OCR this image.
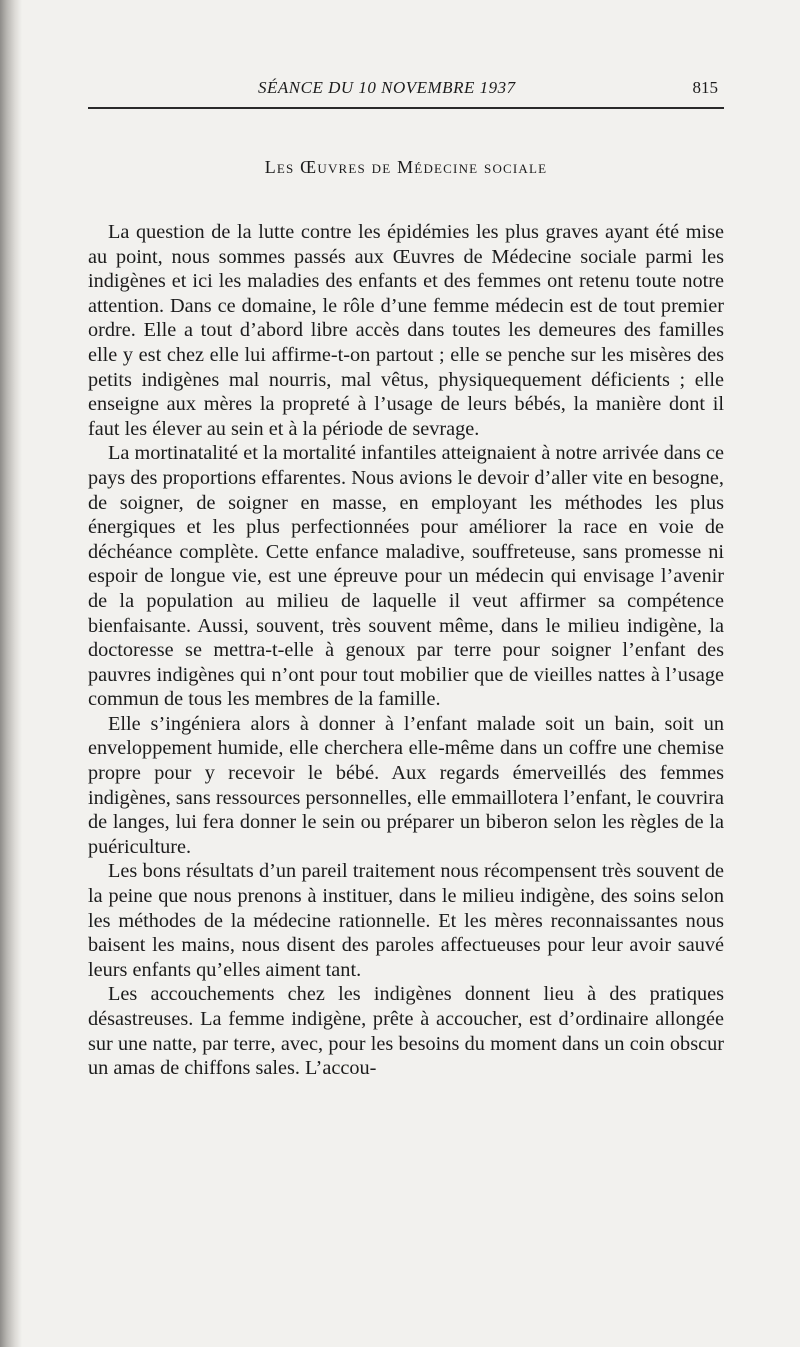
SÉANCE DU 10 NOVEMBRE 1937	815
Les Œuvres de Médecine sociale

La question de la lutte contre les épidémies les plus graves ayant été mise au point, nous sommes passés aux Œuvres de Médecine sociale parmi les indigènes et ici les maladies des enfants et des femmes ont retenu toute notre attention. Dans ce domaine, le rôle d’une femme médecin est de tout premier ordre. Elle a tout d’abord libre accès dans toutes les demeures des familles elle y est chez elle lui affirme-t-on partout ; elle se penche sur les misères des petits indigènes mal nourris, mal vêtus, physiquequement déficients ; elle enseigne aux mères la propreté à l’usage de leurs bébés, la manière dont il faut les élever au sein et à la période de sevrage.

La mortinatalité et la mortalité infantiles atteignaient à notre arrivée dans ce pays des proportions effarentes. Nous avions le devoir d’aller vite en besogne, de soigner, de soigner en masse, en employant les méthodes les plus énergiques et les plus perfectionnées pour améliorer la race en voie de déchéance complète. Cette enfance maladive, souffreteuse, sans promesse ni espoir de longue vie, est une épreuve pour un médecin qui envisage l’avenir de la population au milieu de laquelle il veut affirmer sa compétence bienfaisante. Aussi, souvent, très souvent même, dans le milieu indigène, la doctoresse se mettra-t-elle à genoux par terre pour soigner l’enfant des pauvres indigènes qui n’ont pour tout mobilier que de vieilles nattes à l’usage commun de tous les membres de la famille.

Elle s’ingéniera alors à donner à l’enfant malade soit un bain, soit un enveloppement humide, elle cherchera elle-même dans un coffre une chemise propre pour y recevoir le bébé. Aux regards émerveillés des femmes indigènes, sans ressources personnelles, elle emmaillotera l’enfant, le couvrira de langes, lui fera donner le sein ou préparer un biberon selon les règles de la puériculture.

Les bons résultats d’un pareil traitement nous récompensent très souvent de la peine que nous prenons à instituer, dans le milieu indigène, des soins selon les méthodes de la médecine rationnelle. Et les mères reconnaissantes nous baisent les mains, nous disent des paroles affectueuses pour leur avoir sauvé leurs enfants qu’elles aiment tant.

Les accouchements chez les indigènes donnent lieu à des pratiques désastreuses. La femme indigène, prête à accoucher, est d’ordinaire allongée sur une natte, par terre, avec, pour les besoins du moment dans un coin obscur un amas de chiffons sales. L’accou-
